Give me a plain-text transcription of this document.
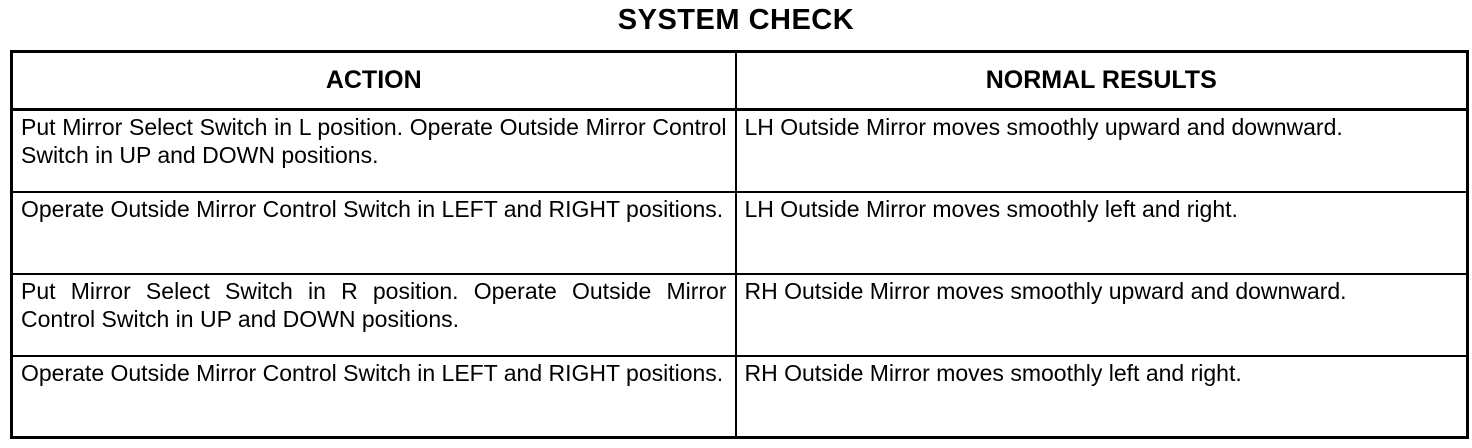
SYSTEM CHECK
ACTION	NORMAL RESULTS

Put Mirror Select Switch in L position. Operate Outside Mirror Control Switch in UP and DOWN positions.	LH Outside Mirror moves smoothly upward and downward.

Operate Outside Mirror Control Switch in LEFT and RIGHT positions.	LH Outside Mirror moves smoothly left and right.

Put Mirror Select Switch in R position. Operate Outside Mirror Control Switch in UP and DOWN positions.	RH Outside Mirror moves smoothly upward and downward.

Operate Outside Mirror Control Switch in LEFT and RIGHT positions.	RH Outside Mirror moves smoothly left and right.
